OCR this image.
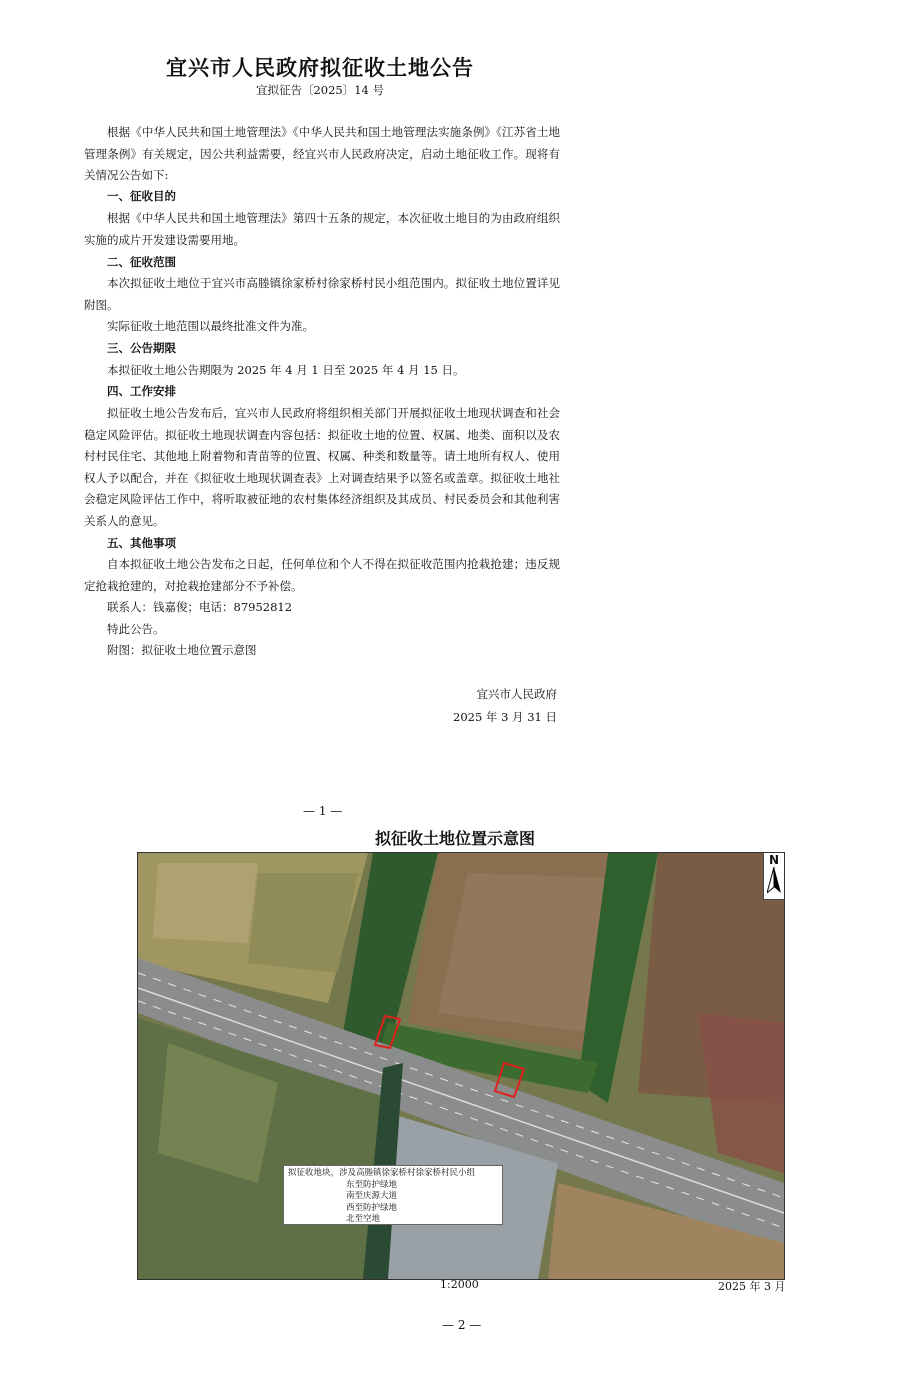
宜兴市人民政府拟征收土地公告
宜拟征告〔2025〕14 号

根据《中华人民共和国土地管理法》《中华人民共和国土地管理法实施条例》《江苏省土地管理条例》有关规定，因公共利益需要，经宜兴市人民政府决定，启动土地征收工作。现将有关情况公告如下:

一、征收目的

根据《中华人民共和国土地管理法》第四十五条的规定，本次征收土地目的为由政府组织实施的成片开发建设需要用地。

二、征收范围

本次拟征收土地位于宜兴市高塍镇徐家桥村徐家桥村民小组范围内。拟征收土地位置详见附图。

实际征收土地范围以最终批准文件为准。

三、公告期限

本拟征收土地公告期限为 2025 年 4 月 1 日至 2025 年 4 月 15 日。

四、工作安排

拟征收土地公告发布后，宜兴市人民政府将组织相关部门开展拟征收土地现状调查和社会稳定风险评估。拟征收土地现状调查内容包括：拟征收土地的位置、权属、地类、面积以及农村村民住宅、其他地上附着物和青苗等的位置、权属、种类和数量等。请土地所有权人、使用权人予以配合，并在《拟征收土地现状调查表》上对调查结果予以签名或盖章。拟征收土地社会稳定风险评估工作中，将听取被征地的农村集体经济组织及其成员、村民委员会和其他利害关系人的意见。

五、其他事项

自本拟征收土地公告发布之日起，任何单位和个人不得在拟征收范围内抢栽抢建；违反规定抢栽抢建的，对抢栽抢建部分不予补偿。

联系人：钱嘉俊；电话：87952812

特此公告。

附图：拟征收土地位置示意图

宜兴市人民政府
2025 年 3 月 31 日
— 1 —
拟征收土地位置示意图
N
拟征收地块，涉及高塍镇徐家桥村徐家桥村民小组
东至防护绿地
南至庆源大道
西至防护绿地
北至空地
1:2000	2025 年 3 月
— 2 —
